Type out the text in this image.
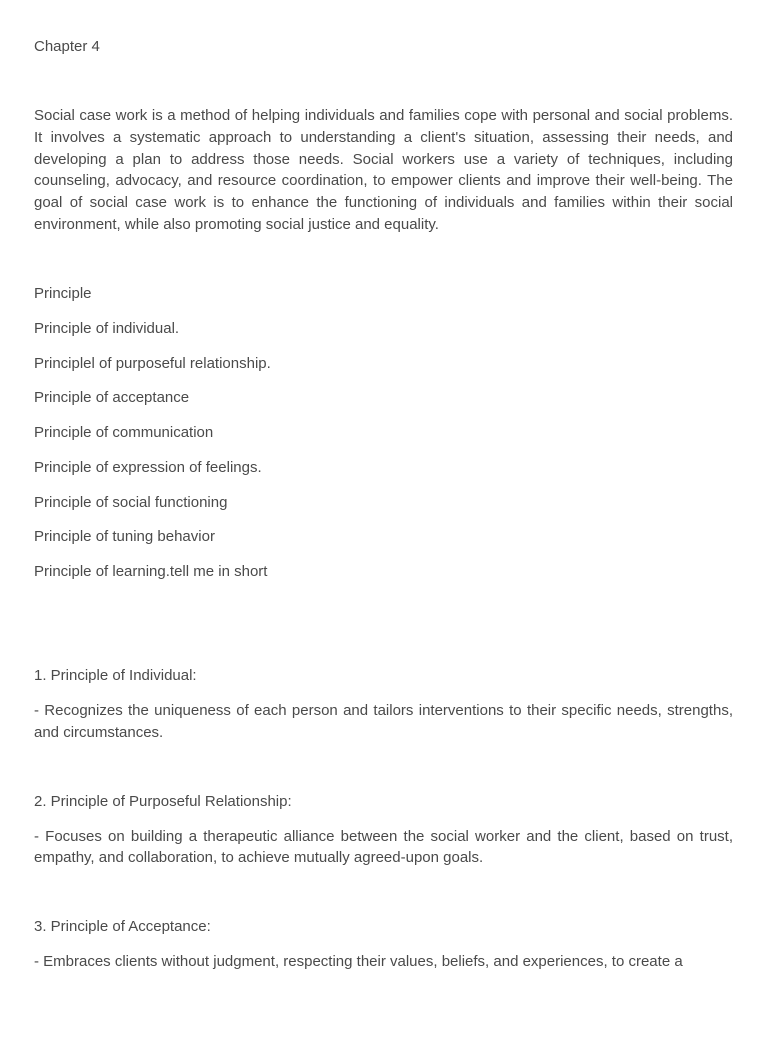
Chapter 4

Social case work is a method of helping individuals and families cope with personal and social problems. It involves a systematic approach to understanding a client's situation, assessing their needs, and developing a plan to address those needs. Social workers use a variety of techniques, including counseling, advocacy, and resource coordination, to empower clients and improve their well-being. The goal of social case work is to enhance the functioning of individuals and families within their social environment, while also promoting social justice and equality.

Principle
Principle of individual.
Principlel of purposeful relationship.
Principle of acceptance
Principle of communication
Principle of expression of feelings.
Principle of social functioning
Principle of tuning behavior
Principle of learning.tell me in short

1. Principle of Individual:

- Recognizes the uniqueness of each person and tailors interventions to their specific needs, strengths, and circumstances.

2. Principle of Purposeful Relationship:

- Focuses on building a therapeutic alliance between the social worker and the client, based on trust, empathy, and collaboration, to achieve mutually agreed-upon goals.

3. Principle of Acceptance:

- Embraces clients without judgment, respecting their values, beliefs, and experiences, to create a
